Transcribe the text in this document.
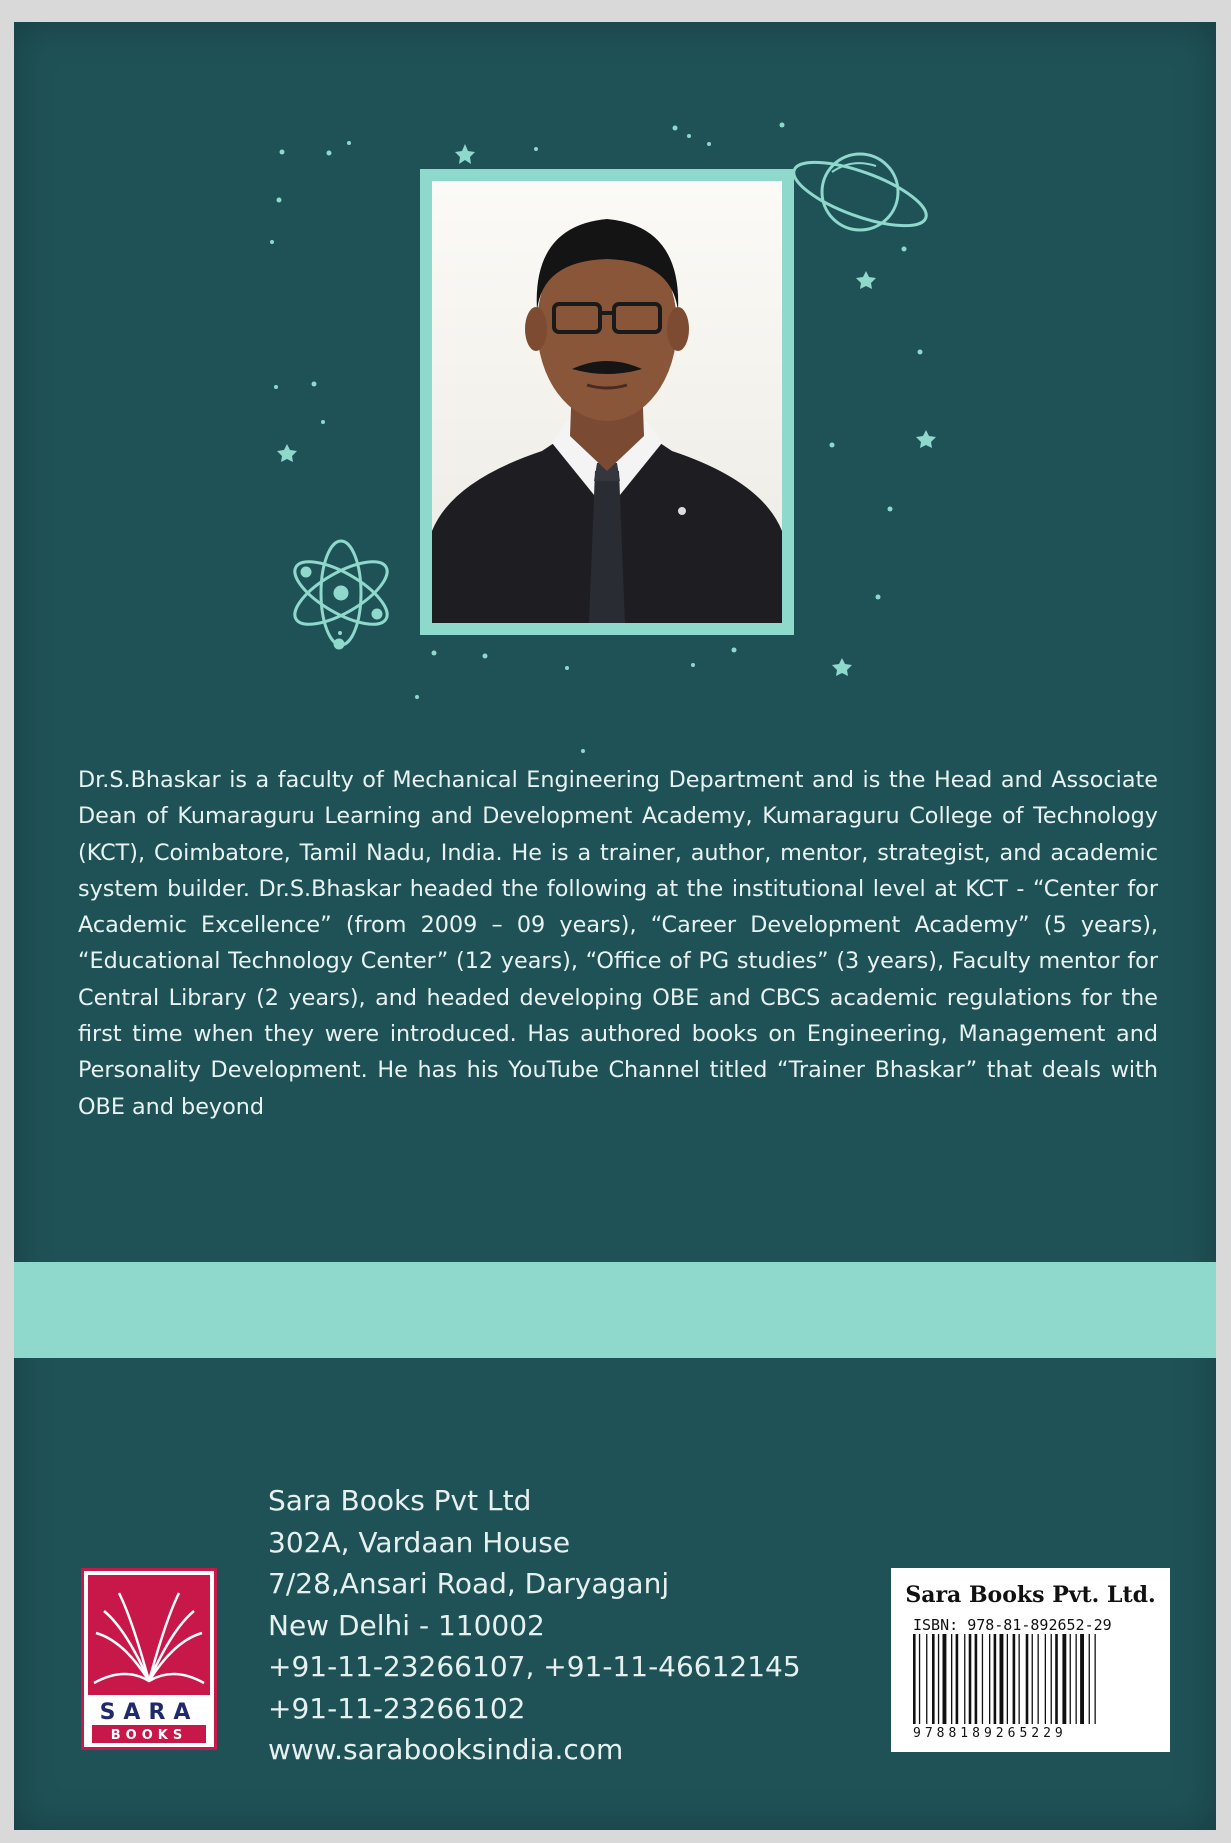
Dr.S.Bhaskar is a faculty of Mechanical Engineering Department and is the Head and Associate Dean of Kumaraguru Learning and Development Academy, Kumaraguru College of Technology (KCT), Coimbatore, Tamil Nadu, India. He is a trainer, author, mentor, strategist, and academic system builder. Dr.S.Bhaskar headed the following at the institutional level at KCT - “Center for Academic Excellence” (from 2009 – 09 years), “Career Development Academy” (5 years), “Educational Technology Center” (12 years), “Office of PG studies” (3 years), Faculty mentor for Central Library (2 years), and headed developing OBE and CBCS academic regulations for the first time when they were introduced. Has authored books on Engineering, Management and Personality Development. He has his YouTube Channel titled “Trainer Bhaskar” that deals with OBE and beyond
SARA
BOOKS
Sara Books Pvt Ltd
302A, Vardaan House
7/28,Ansari Road, Daryaganj
New Delhi - 110002
+91-11-23266107, +91-11-46612145
+91-11-23266102
www.sarabooksindia.com
Sara Books Pvt. Ltd.
ISBN: 978-81-892652-29
9788189265229
